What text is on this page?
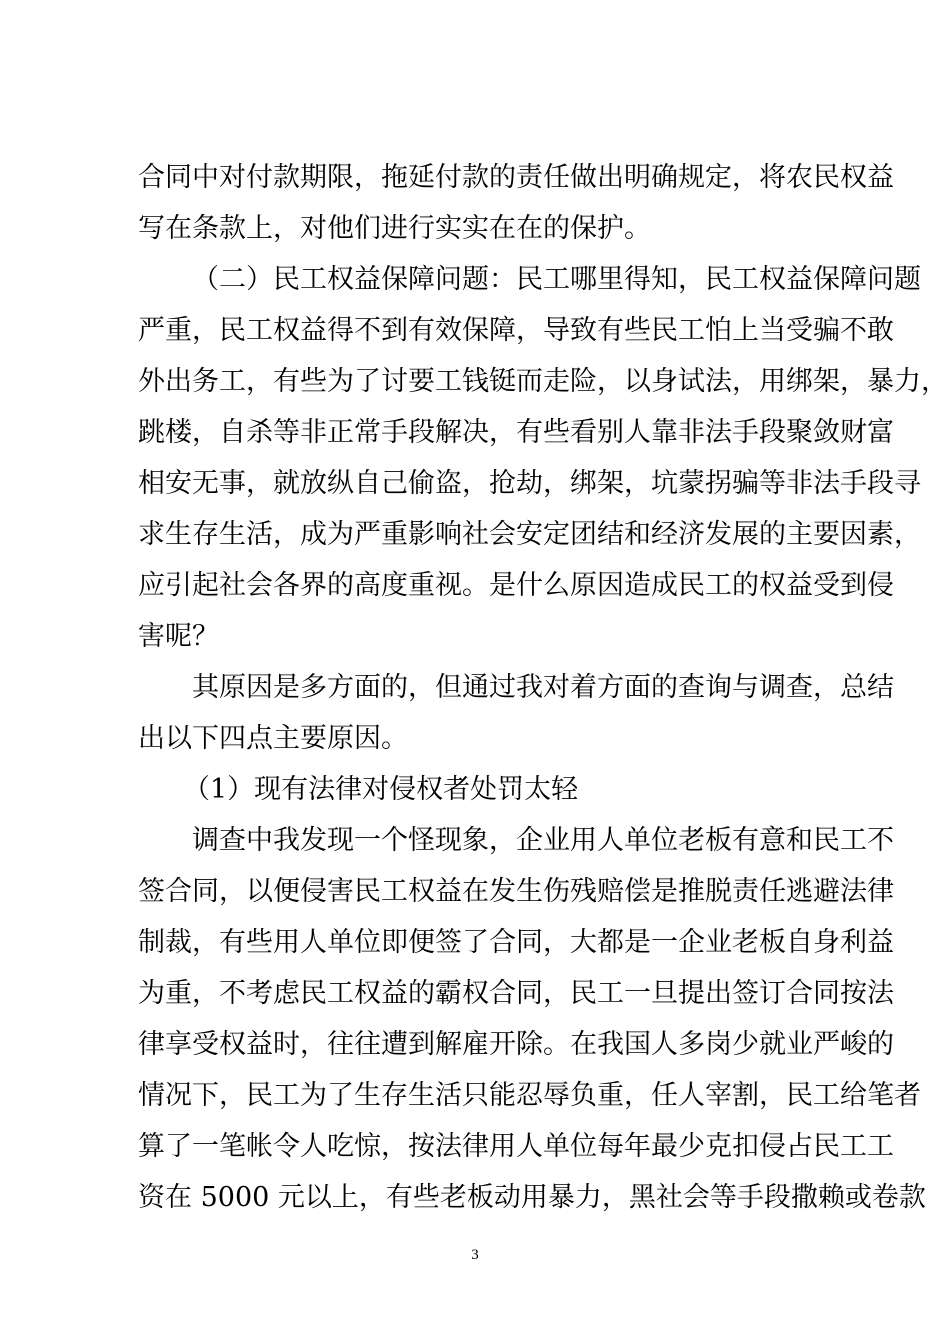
合同中对付款期限，拖延付款的责任做出明确规定，将农民权益
写在条款上，对他们进行实实在在的保护。
（二）民工权益保障问题：民工哪里得知，民工权益保障问题
严重，民工权益得不到有效保障，导致有些民工怕上当受骗不敢
外出务工，有些为了讨要工钱铤而走险，以身试法，用绑架，暴力，
跳楼，自杀等非正常手段解决，有些看别人靠非法手段聚敛财富
相安无事，就放纵自己偷盗，抢劫，绑架，坑蒙拐骗等非法手段寻
求生存生活，成为严重影响社会安定团结和经济发展的主要因素，
应引起社会各界的高度重视。是什么原因造成民工的权益受到侵
害呢？
其原因是多方面的，但通过我对着方面的查询与调查，总结
出以下四点主要原因。
（1）现有法律对侵权者处罚太轻
调查中我发现一个怪现象，企业用人单位老板有意和民工不
签合同，以便侵害民工权益在发生伤残赔偿是推脱责任逃避法律
制裁，有些用人单位即便签了合同，大都是一企业老板自身利益
为重，不考虑民工权益的霸权合同，民工一旦提出签订合同按法
律享受权益时，往往遭到解雇开除。在我国人多岗少就业严峻的
情况下，民工为了生存生活只能忍辱负重，任人宰割，民工给笔者
算了一笔帐令人吃惊，按法律用人单位每年最少克扣侵占民工工
资在 5000 元以上，有些老板动用暴力，黑社会等手段撒赖或卷款
3
